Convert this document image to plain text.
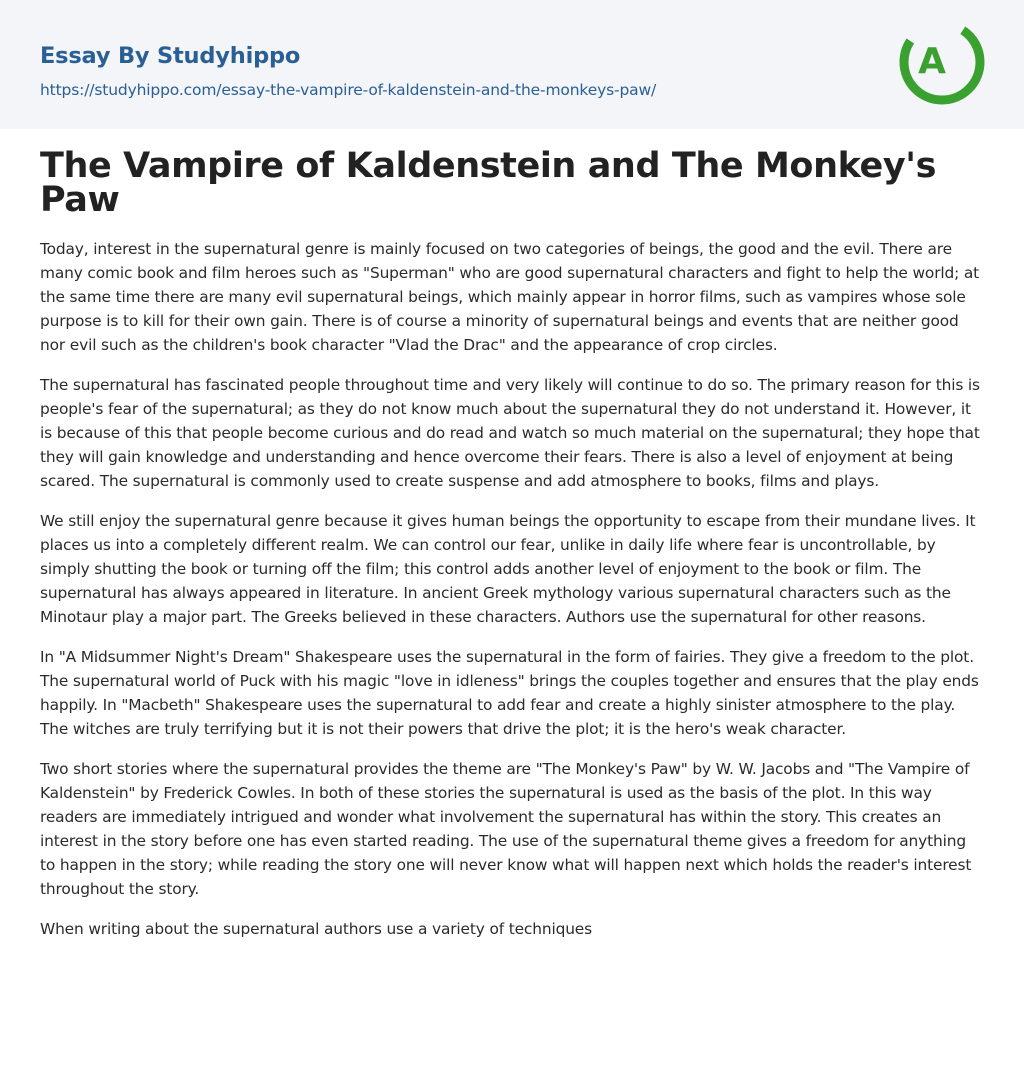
Essay By Studyhippo
https://studyhippo.com/essay-the-vampire-of-kaldenstein-and-the-monkeys-paw/
A
The Vampire of Kaldenstein and The Monkey's Paw

Today, interest in the supernatural genre is mainly focused on two categories of beings, the good and the evil. There are many comic book and film heroes such as "Superman" who are good supernatural characters and fight to help the world; at the same time there are many evil supernatural beings, which mainly appear in horror films, such as vampires whose sole purpose is to kill for their own gain. There is of course a minority of supernatural beings and events that are neither good nor evil such as the children's book character "Vlad the Drac" and the appearance of crop circles.

The supernatural has fascinated people throughout time and very likely will continue to do so. The primary reason for this is people's fear of the supernatural; as they do not know much about the supernatural they do not understand it. However, it is because of this that people become curious and do read and watch so much material on the supernatural; they hope that they will gain knowledge and understanding and hence overcome their fears. There is also a level of enjoyment at being scared. The supernatural is commonly used to create suspense and add atmosphere to books, films and plays.

We still enjoy the supernatural genre because it gives human beings the opportunity to escape from their mundane lives. It places us into a completely different realm. We can control our fear, unlike in daily life where fear is uncontrollable, by simply shutting the book or turning off the film; this control adds another level of enjoyment to the book or film. The supernatural has always appeared in literature. In ancient Greek mythology various supernatural characters such as the Minotaur play a major part. The Greeks believed in these characters. Authors use the supernatural for other reasons.

In "A Midsummer Night's Dream" Shakespeare uses the supernatural in the form of fairies. They give a freedom to the plot. The supernatural world of Puck with his magic "love in idleness" brings the couples together and ensures that the play ends happily. In "Macbeth" Shakespeare uses the supernatural to add fear and create a highly sinister atmosphere to the play. The witches are truly terrifying but it is not their powers that drive the plot; it is the hero's weak character.

Two short stories where the supernatural provides the theme are "The Monkey's Paw" by W. W. Jacobs and "The Vampire of Kaldenstein" by Frederick Cowles. In both of these stories the supernatural is used as the basis of the plot. In this way readers are immediately intrigued and wonder what involvement the supernatural has within the story. This creates an interest in the story before one has even started reading. The use of the supernatural theme gives a freedom for anything to happen in the story; while reading the story one will never know what will happen next which holds the reader's interest throughout the story.

When writing about the supernatural authors use a variety of techniques
